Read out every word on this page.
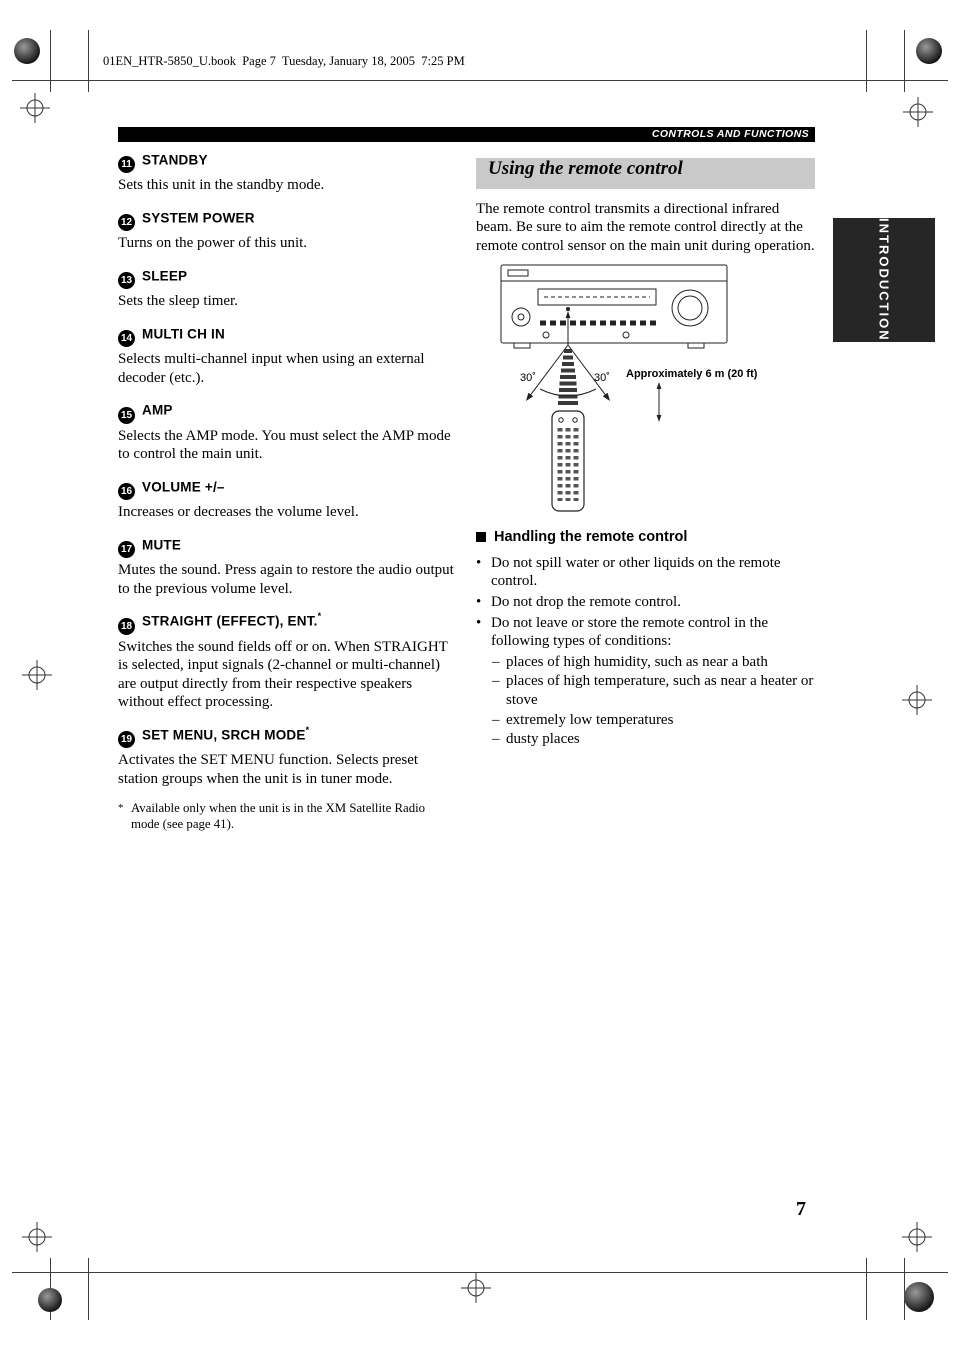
01EN_HTR-5850_U.book  Page 7  Tuesday, January 18, 2005  7:25 PM
CONTROLS AND FUNCTIONS
INTRODUCTION
11 STANDBY

Sets this unit in the standby mode.

12 SYSTEM POWER

Turns on the power of this unit.

13 SLEEP

Sets the sleep timer.

14 MULTI CH IN

Selects multi-channel input when using an external decoder (etc.).

15 AMP

Selects the AMP mode. You must select the AMP mode to control the main unit.

16 VOLUME +/–

Increases or decreases the volume level.

17 MUTE

Mutes the sound. Press again to restore the audio output to the previous volume level.

18 STRAIGHT (EFFECT), ENT.*

Switches the sound fields off or on. When STRAIGHT is selected, input signals (2-channel or multi-channel) are output directly from their respective speakers without effect processing.

19 SET MENU, SRCH MODE*

Activates the SET MENU function. Selects preset station groups when the unit is in tuner mode.

* Available only when the unit is in the XM Satellite Radio mode (see page 41).

Using the remote control

The remote control transmits a directional infrared beam. Be sure to aim the remote control directly at the remote control sensor on the main unit during operation.

30˚	30˚ Approximately 6 m (20 ft)
Handling the remote control
• Do not spill water or other liquids on the remote control.

• Do not drop the remote control.

• Do not leave or store the remote control in the following types of conditions:

– places of high humidity, such as near a bath

– places of high temperature, such as near a heater or stove

– extremely low temperatures

– dusty places

7
